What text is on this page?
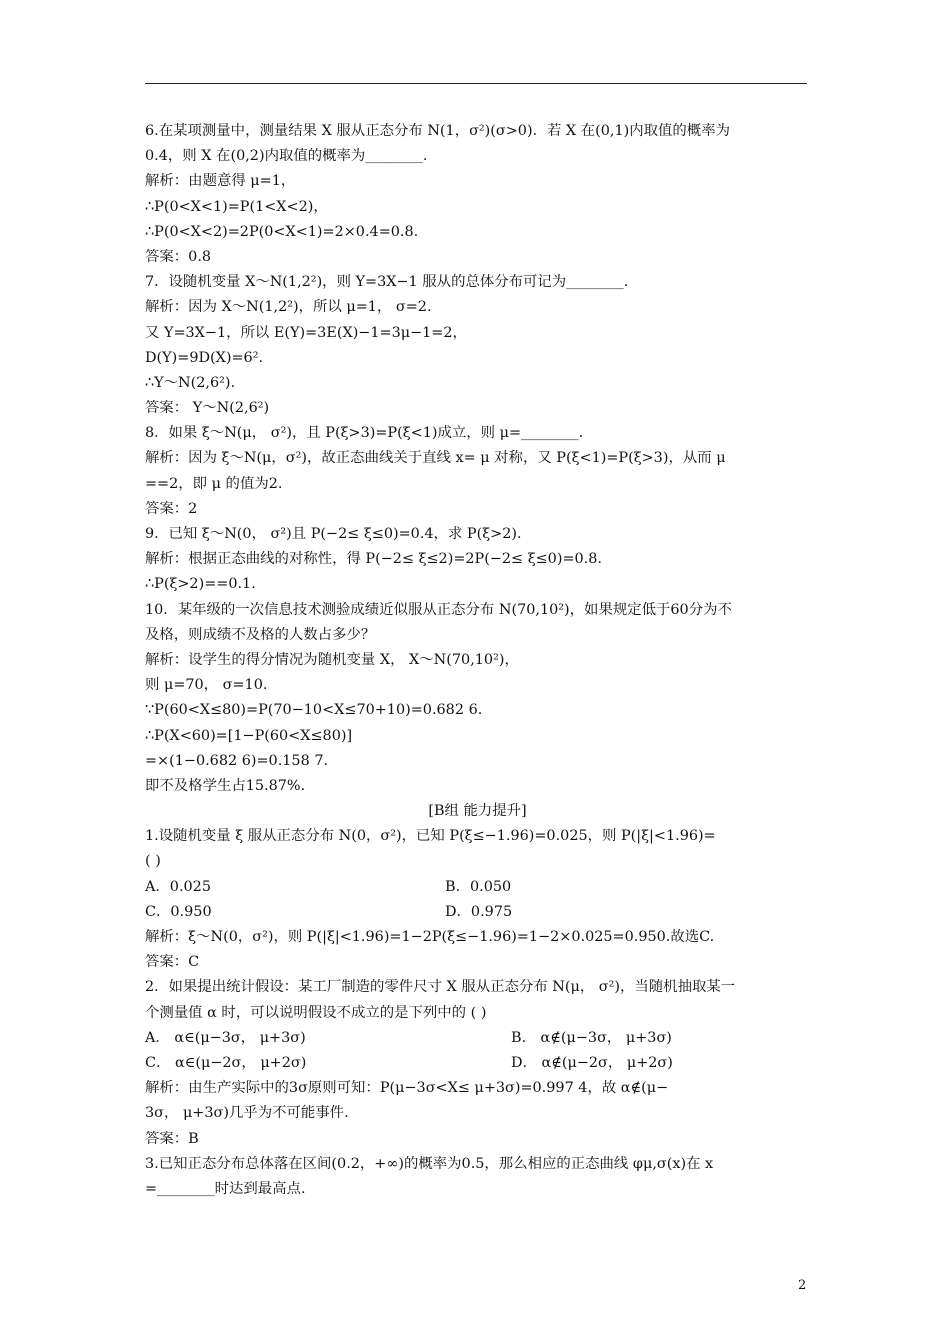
6.在某项测量中，测量结果 X 服从正态分布 N(1，σ²)(σ>0)．若 X 在(0,1)内取值的概率为
0.4，则 X 在(0,2)内取值的概率为________.
解析：由题意得 μ=1，
∴P(0<X<1)=P(1<X<2)，
∴P(0<X<2)=2P(0<X<1)=2×0.4=0.8.
答案：0.8
7．设随机变量 X～N(1,2²)，则 Y=3X−1 服从的总体分布可记为________.
解析：因为 X～N(1,2²)，所以 μ=1， σ=2.
又 Y=3X−1，所以 E(Y)=3E(X)−1=3μ−1=2，
D(Y)=9D(X)=6².
∴Y～N(2,6²).
答案： Y～N(2,6²)
8．如果 ξ～N(μ， σ²)，且 P(ξ>3)=P(ξ<1)成立，则 μ=________.
解析：因为 ξ～N(μ，σ²)，故正态曲线关于直线 x= μ 对称，又 P(ξ<1)=P(ξ>3)，从而 μ
==2，即 μ 的值为2.
答案：2
9．已知 ξ～N(0， σ²)且 P(−2≤ ξ≤0)=0.4，求 P(ξ>2)．
解析：根据正态曲线的对称性，得 P(−2≤ ξ≤2)=2P(−2≤ ξ≤0)=0.8.
∴P(ξ>2)==0.1.
10．某年级的一次信息技术测验成绩近似服从正态分布 N(70,10²)，如果规定低于60分为不
及格，则成绩不及格的人数占多少？
解析：设学生的得分情况为随机变量 X， X～N(70,10²)，
则 μ=70， σ=10.
∵P(60<X≤80)=P(70−10<X≤70+10)=0.682 6.
∴P(X<60)=[1−P(60<X≤80)]
=×(1−0.682 6)=0.158 7.
即不及格学生占15.87%.
[B组 能力提升]
1.设随机变量 ξ 服从正态分布 N(0，σ²)，已知 P(ξ≤−1.96)=0.025，则 P(|ξ|<1.96)=
( )
A．0.025	B．0.050
C．0.950	D．0.975
解析：ξ～N(0，σ²)，则 P(|ξ|<1.96)=1−2P(ξ≤−1.96)=1−2×0.025=0.950.故选C.
答案：C
2．如果提出统计假设：某工厂制造的零件尺寸 X 服从正态分布 N(μ， σ²)，当随机抽取某一
个测量值 α 时，可以说明假设不成立的是下列中的 ( )
A． α∈(μ−3σ， μ+3σ)	B． α∉(μ−3σ， μ+3σ)
C． α∈(μ−2σ， μ+2σ)	D． α∉(μ−2σ， μ+2σ)
解析：由生产实际中的3σ原则可知：P(μ−3σ<X≤ μ+3σ)=0.997 4，故 α∉(μ−
3σ， μ+3σ)几乎为不可能事件.
答案：B
3.已知正态分布总体落在区间(0.2，+∞)的概率为0.5，那么相应的正态曲线 φμ,σ(x)在 x
=________时达到最高点.
2
